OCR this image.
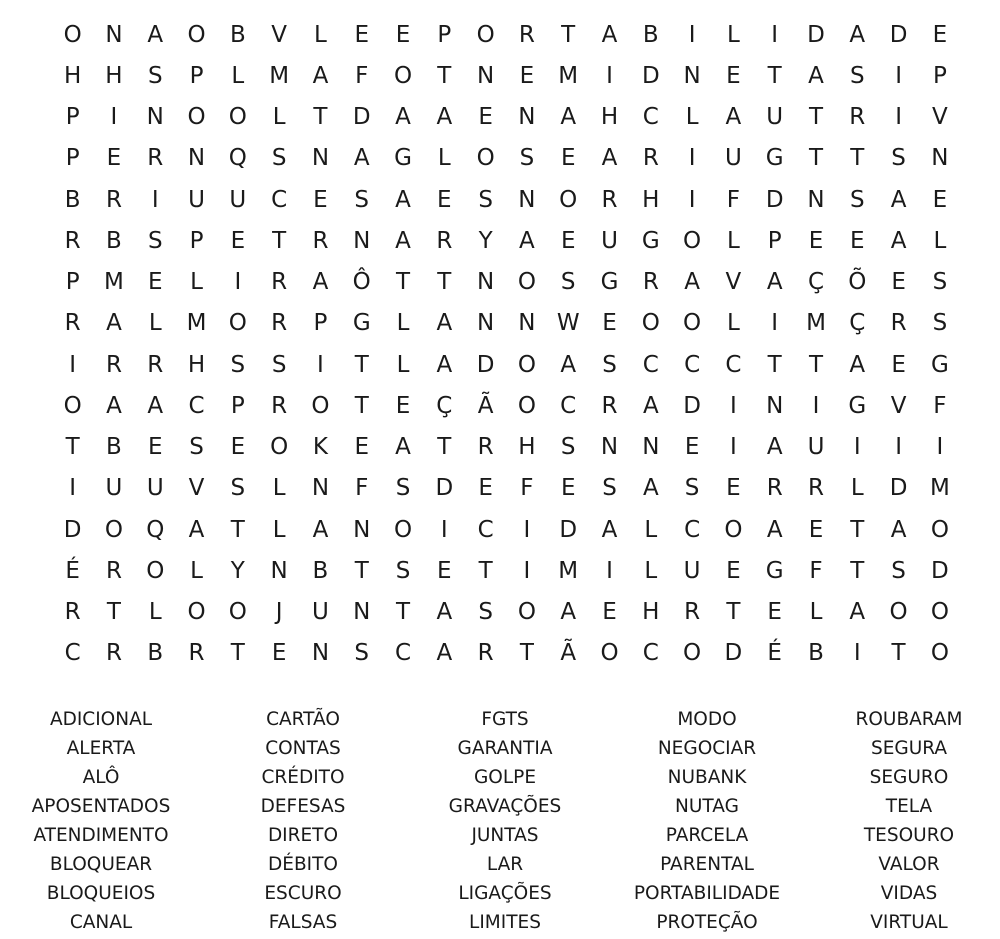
O	N	A	O	B	V	L	E	E	P	O	R	T	A	B	I	L	I	D	A	D	E
H	H	S	P	L	M	A	F	O	T	N	E	M	I	D	N	E	T	A	S	I	P
P	I	N	O	O	L	T	D	A	A	E	N	A	H	C	L	A	U	T	R	I	V
P	E	R	N	Q	S	N	A	G	L	O	S	E	A	R	I	U	G	T	T	S	N
B	R	I	U	U	C	E	S	A	E	S	N	O	R	H	I	F	D	N	S	A	E
R	B	S	P	E	T	R	N	A	R	Y	A	E	U	G	O	L	P	E	E	A	L
P	M	E	L	I	R	A	Ô	T	T	N	O	S	G	R	A	V	A	Ç	Õ	E	S
R	A	L	M O	R	P	G	L	A	N	N W E	O	O	L	I	M	Ç	R	S
I	R	R	H	S	S	I	T	L	A	D	O	A	S	C	C	C	T	T	A	E	G
O	A	A	C	P	R	O	T	E	Ç	Ã	O	C	R	A	D	I	N	I	G	V	F
T	B	E	S	E	O	K	E	A	T	R	H	S	N	N	E	I	A	U	I	I	I
I	U	U	V	S	L	N	F	S	D	E	F	E	S	A	S	E	R	R	L	D M
D	O	Q	A	T	L	A	N	O	I	C	I	D	A	L	C	O	A	E	T	A	O
É	R	O	L	Y	N	B	T	S	E	T	I	M	I	L	U	E	G	F	T	S	D
R	T	L	O	O	J	U	N	T	A	S	O	A	E	H	R	T	E	L	A	O	O
C	R	B	R	T	E	N	S	C	A	R	T	Ã	O	C	O	D	É	B	I	T	O
ADICIONAL
ALERTA
ALÔ
APOSENTADOS
ATENDIMENTO
BLOQUEAR
BLOQUEIOS
CANAL
CARTÃO
CONTAS
CRÉDITO
DEFESAS
DIRETO
DÉBITO
ESCURO
FALSAS
FGTS
GARANTIA
GOLPE
GRAVAÇÕES
JUNTAS
LAR
LIGAÇÕES
LIMITES
MODO
NEGOCIAR
NUBANK
NUTAG
PARCELA
PARENTAL
PORTABILIDADE
PROTEÇÃO
ROUBARAM
SEGURA
SEGURO
TELA
TESOURO
VALOR
VIDAS
VIRTUAL
